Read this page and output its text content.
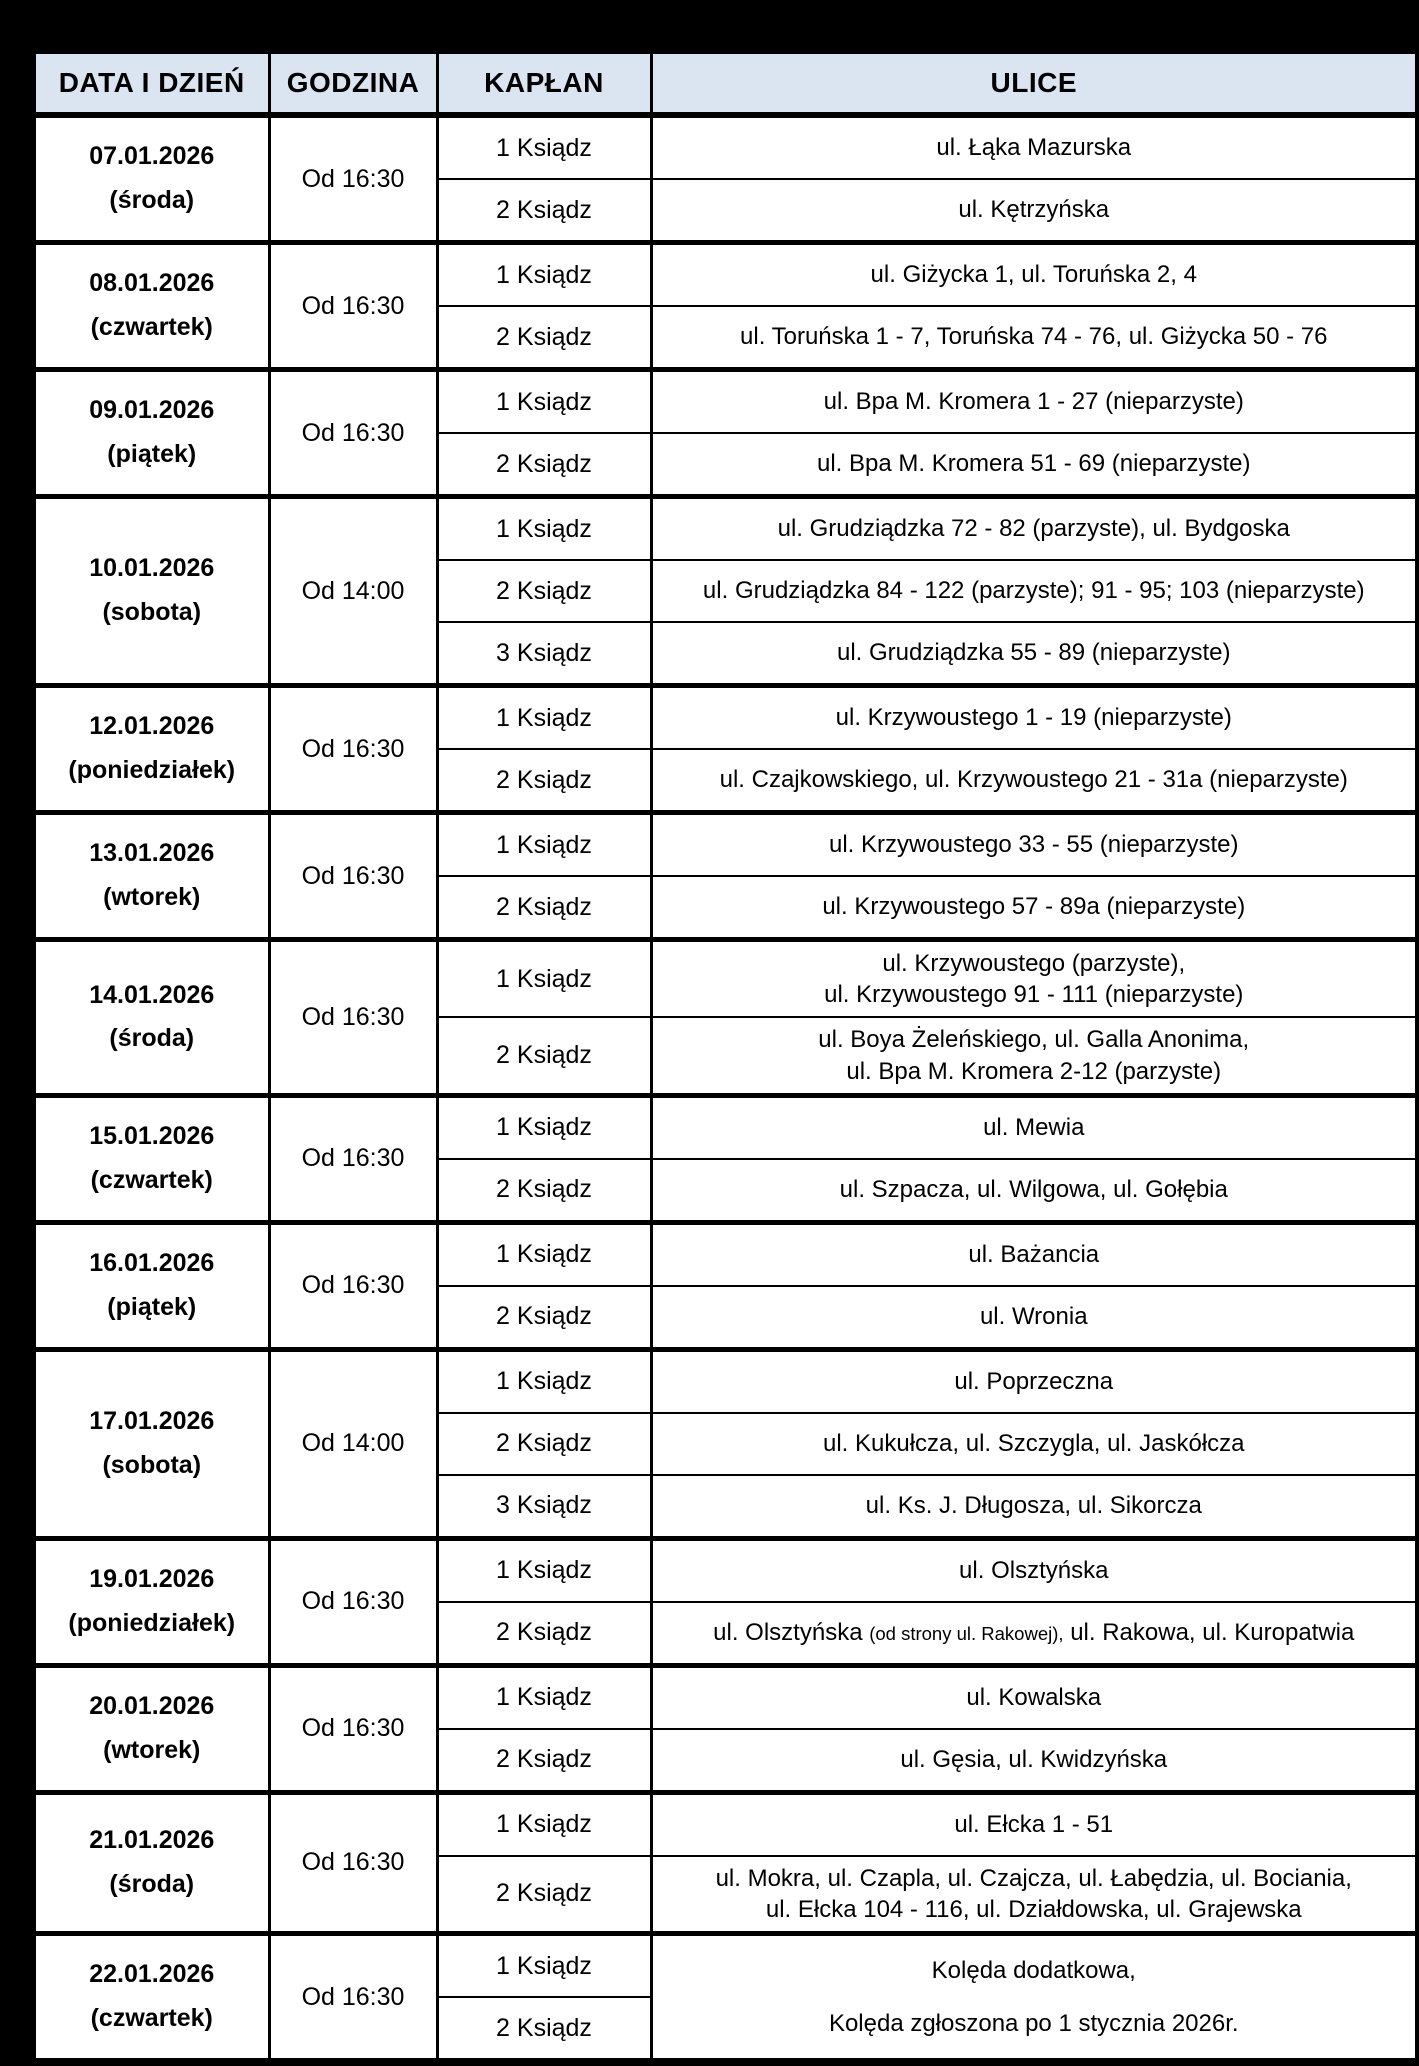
DATA I DZIEŃ	GODZINA	KAPŁAN	ULICE

07.01.2026
(środa)	Od 16:30	1 Ksiądz	ul. Łąka Mazurska

		2 Ksiądz	ul. Kętrzyńska

08.01.2026
(czwartek)	Od 16:30	1 Ksiądz	ul. Giżycka 1, ul. Toruńska 2, 4

		2 Ksiądz	ul. Toruńska 1 - 7, Toruńska 74 - 76, ul. Giżycka 50 - 76

09.01.2026
(piątek)	Od 16:30	1 Ksiądz	ul. Bpa M. Kromera 1 - 27 (nieparzyste)

		2 Ksiądz	ul. Bpa M. Kromera 51 - 69 (nieparzyste)

10.01.2026
(sobota)	Od 14:00	1 Ksiądz	ul. Grudziądzka 72 - 82 (parzyste), ul. Bydgoska

		2 Ksiądz	ul. Grudziądzka 84 - 122 (parzyste); 91 - 95; 103 (nieparzyste)

		3 Ksiądz	ul. Grudziądzka 55 - 89 (nieparzyste)

12.01.2026
(poniedziałek)	Od 16:30	1 Ksiądz	ul. Krzywoustego 1 - 19 (nieparzyste)

		2 Ksiądz	ul. Czajkowskiego, ul. Krzywoustego 21 - 31a (nieparzyste)

13.01.2026
(wtorek)	Od 16:30	1 Ksiądz	ul. Krzywoustego 33 - 55 (nieparzyste)

		2 Ksiądz	ul. Krzywoustego 57 - 89a (nieparzyste)

14.01.2026
(środa)
	Od 16:30	1 Ksiądz	
ul. Krzywoustego (parzyste),
ul. Krzywoustego 91 - 111 (nieparzyste)

		2 Ksiądz	ul. Boya Żeleńskiego, ul. Galla Anonima,
ul. Bpa M. Kromera 2-12 (parzyste)

15.01.2026
(czwartek)	Od 16:30	1 Ksiądz	ul. Mewia

		2 Ksiądz	ul. Szpacza, ul. Wilgowa, ul. Gołębia

16.01.2026
(piątek)	Od 16:30	1 Ksiądz	ul. Bażancia

		2 Ksiądz	ul. Wronia

17.01.2026
(sobota)	Od 14:00	1 Ksiądz	ul. Poprzeczna

		2 Ksiądz	ul. Kukułcza, ul. Szczygla, ul. Jaskółcza

		3 Ksiądz	ul. Ks. J. Długosza, ul. Sikorcza

19.01.2026
(poniedziałek)	Od 16:30	1 Ksiądz	ul. Olsztyńska

		2 Ksiądz	ul. Olsztyńska (od strony ul. Rakowej), ul. Rakowa, ul. Kuropatwia

20.01.2026
(wtorek)	Od 16:30	1 Ksiądz	ul. Kowalska

		2 Ksiądz	ul. Gęsia, ul. Kwidzyńska

21.01.2026
(środa)	Od 16:30	1 Ksiądz	ul. Ełcka 1 - 51

		2 Ksiądz	ul. Mokra, ul. Czapla, ul. Czajcza, ul. Łabędzia, ul. Bociania,
ul. Ełcka 104 - 116, ul. Działdowska, ul. Grajewska

22.01.2026
(czwartek)
	Od 16:30	1 Ksiądz	Kolęda dodatkowa,
Kolęda zgłoszona po 1 stycznia 2026r.

		2 Ksiądz	
